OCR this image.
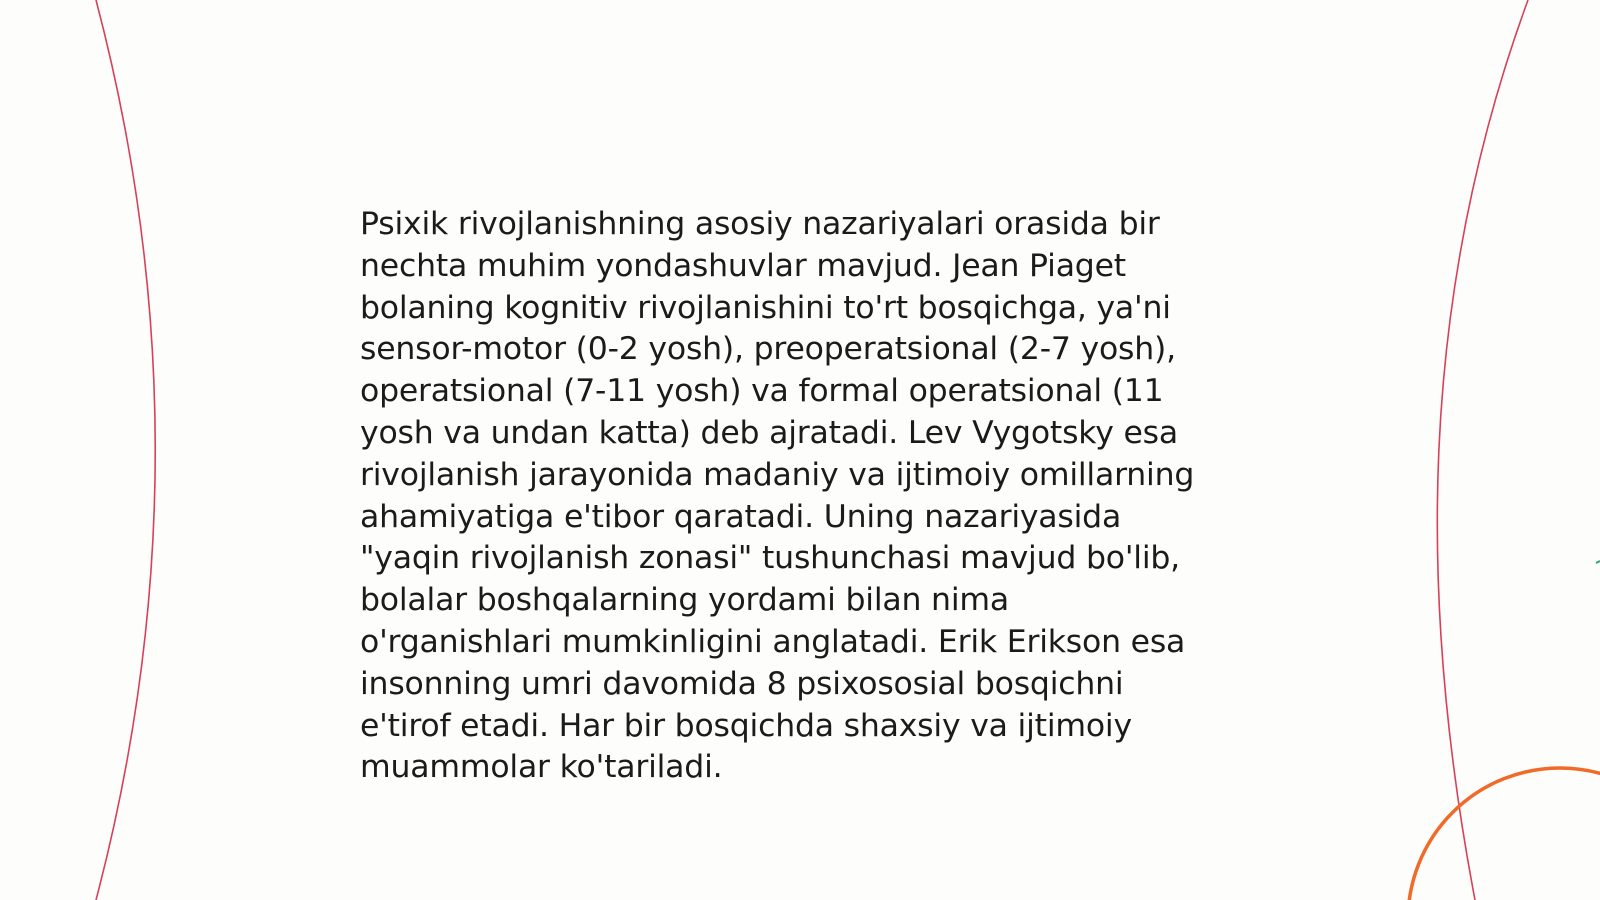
Psixik rivojlanishning asosiy nazariyalari orasida bir
nechta muhim yondashuvlar mavjud. Jean Piaget
bolaning kognitiv rivojlanishini to'rt bosqichga, ya'ni
sensor-motor (0-2 yosh), preoperatsional (2-7 yosh),
operatsional (7-11 yosh) va formal operatsional (11
yosh va undan katta) deb ajratadi. Lev Vygotsky esa
rivojlanish jarayonida madaniy va ijtimoiy omillarning
ahamiyatiga e'tibor qaratadi. Uning nazariyasida
"yaqin rivojlanish zonasi" tushunchasi mavjud bo'lib,
bolalar boshqalarning yordami bilan nima
o'rganishlari mumkinligini anglatadi. Erik Erikson esa
insonning umri davomida 8 psixososial bosqichni
e'tirof etadi. Har bir bosqichda shaxsiy va ijtimoiy
muammolar ko'tariladi.
